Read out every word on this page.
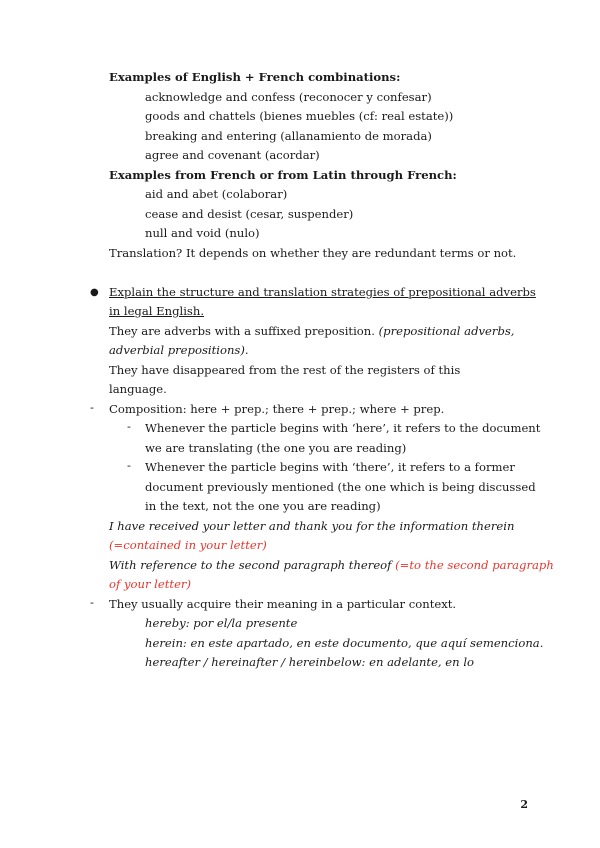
Examples of English + French combinations:
acknowledge and confess (reconocer y confesar)
goods and chattels (bienes muebles (cf: real estate))
breaking and entering (allanamiento de morada)
agree and covenant (acordar)
Examples from French or from Latin through French:
aid and abet (colaborar)
cease and desist (cesar, suspender)
null and void (nulo)
Translation? It depends on whether they are redundant terms or not.
● Explain the structure and translation strategies of prepositional adverbs
in legal English.
They are adverbs with a suffixed preposition. (prepositional adverbs,
adverbial prepositions).
They have disappeared from the rest of the registers of this
language.
- Composition: here + prep.; there + prep.; where + prep.
- Whenever the particle begins with ‘here’, it refers to the document
we are translating (the one you are reading)
- Whenever the particle begins with ‘there’, it refers to a former
document previously mentioned (the one which is being discussed
in the text, not the one you are reading)
I have received your letter and thank you for the information therein
(=contained in your letter)
With reference to the second paragraph thereof (=to the second paragraph
of your letter)
- They usually acquire their meaning in a particular context.
hereby: por el/la presente
herein: en este apartado, en este documento, que aquí semenciona.
hereafter / hereinafter / hereinbelow: en adelante, en lo
2
